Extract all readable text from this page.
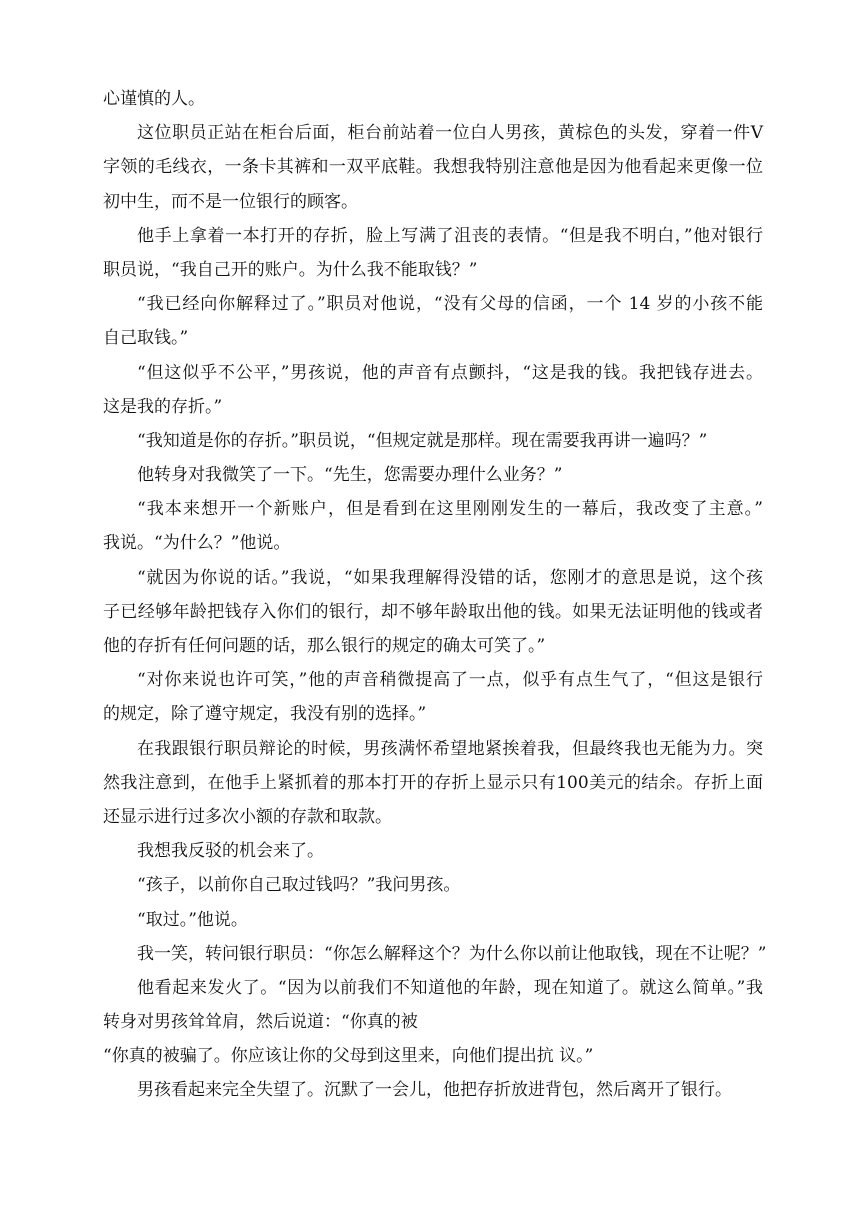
心谨慎的人。
这位职员正站在柜台后面，柜台前站着一位白人男孩，黄棕色的头发，穿着一件V
字领的毛线衣，一条卡其裤和一双平底鞋。我想我特别注意他是因为他看起来更像一位
初中生，而不是一位银行的顾客。
他手上拿着一本打开的存折，脸上写满了沮丧的表情。“但是我不明白，”他对银行
职员说，“我自己开的账户。为什么我不能取钱？”
“我已经向你解释过了。”职员对他说，“没有父母的信函，一个 14 岁的小孩不能
自己取钱。”
“但这似乎不公平，”男孩说，他的声音有点颤抖，“这是我的钱。我把钱存进去。
这是我的存折。”
“我知道是你的存折。”职员说，“但规定就是那样。现在需要我再讲一遍吗？”
他转身对我微笑了一下。“先生，您需要办理什么业务？”
“我本来想开一个新账户，但是看到在这里刚刚发生的一幕后，我改变了主意。”
我说。“为什么？”他说。
“就因为你说的话。”我说，“如果我理解得没错的话，您刚才的意思是说，这个孩
子已经够年龄把钱存入你们的银行，却不够年龄取出他的钱。如果无法证明他的钱或者
他的存折有任何问题的话，那么银行的规定的确太可笑了。”
“对你来说也许可笑，”他的声音稍微提高了一点，似乎有点生气了，“但这是银行
的规定，除了遵守规定，我没有别的选择。”
在我跟银行职员辩论的时候，男孩满怀希望地紧挨着我，但最终我也无能为力。突
然我注意到，在他手上紧抓着的那本打开的存折上显示只有100美元的结余。存折上面
还显示进行过多次小额的存款和取款。
我想我反驳的机会来了。
“孩子，以前你自己取过钱吗？”我问男孩。
“取过。”他说。
我一笑，转问银行职员：“你怎么解释这个？为什么你以前让他取钱，现在不让呢？”
他看起来发火了。“因为以前我们不知道他的年龄，现在知道了。就这么简单。”我
转身对男孩耸耸肩，然后说道：“你真的被
“你真的被骗了。你应该让你的父母到这里来，向他们提出抗 议。”
男孩看起来完全失望了。沉默了一会儿，他把存折放进背包，然后离开了银行。
